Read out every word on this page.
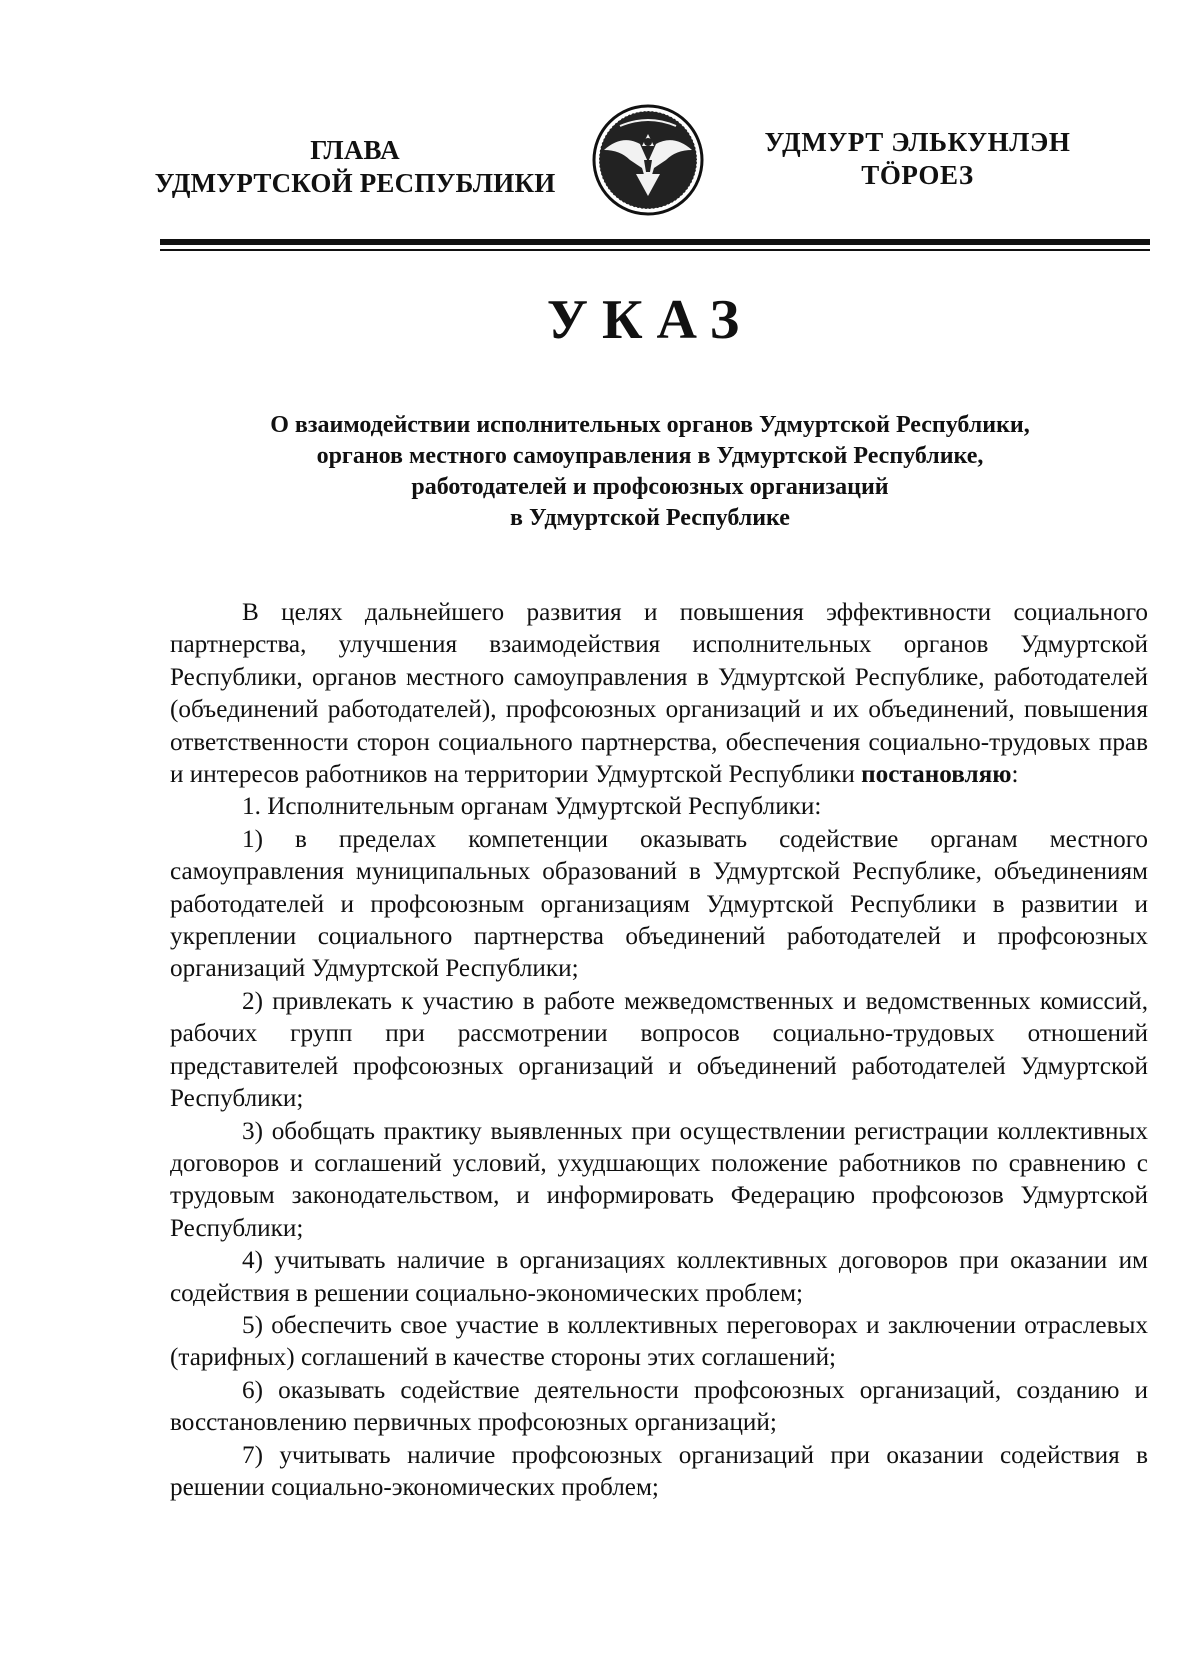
ГЛАВА
УДМУРТСКОЙ РЕСПУБЛИКИ
УДМУРТ ЭЛЬКУНЛЭН
ТӦРОЕЗ
УКАЗ
О взаимодействии исполнительных органов Удмуртской Республики,
органов местного самоуправления в Удмуртской Республике,
работодателей и профсоюзных организаций
в Удмуртской Республике

В целях дальнейшего развития и повышения эффективности социального партнерства, улучшения взаимодействия исполнительных органов Удмуртской Республики, органов местного самоуправления в Удмуртской Республике, работодателей (объединений работодателей), профсоюзных организаций и их объединений, повышения ответственности сторон социального партнерства, обеспечения социально-трудовых прав и интересов работников на территории Удмуртской Республики постановляю:

1. Исполнительным органам Удмуртской Республики:

1) в пределах компетенции оказывать содействие органам местного самоуправления муниципальных образований в Удмуртской Республике, объединениям работодателей и профсоюзным организациям Удмуртской Республики в развитии и укреплении социального партнерства объединений работодателей и профсоюзных организаций Удмуртской Республики;

2) привлекать к участию в работе межведомственных и ведомственных комиссий, рабочих групп при рассмотрении вопросов социально-трудовых отношений представителей профсоюзных организаций и объединений работодателей Удмуртской Республики;

3) обобщать практику выявленных при осуществлении регистрации коллективных договоров и соглашений условий, ухудшающих положение работников по сравнению с трудовым законодательством, и информировать Федерацию профсоюзов Удмуртской Республики;

4) учитывать наличие в организациях коллективных договоров при оказании им содействия в решении социально-экономических проблем;

5) обеспечить свое участие в коллективных переговорах и заключении отраслевых (тарифных) соглашений в качестве стороны этих соглашений;

6) оказывать содействие деятельности профсоюзных организаций, созданию и восстановлению первичных профсоюзных организаций;

7) учитывать наличие профсоюзных организаций при оказании содействия в решении социально-экономических проблем;
